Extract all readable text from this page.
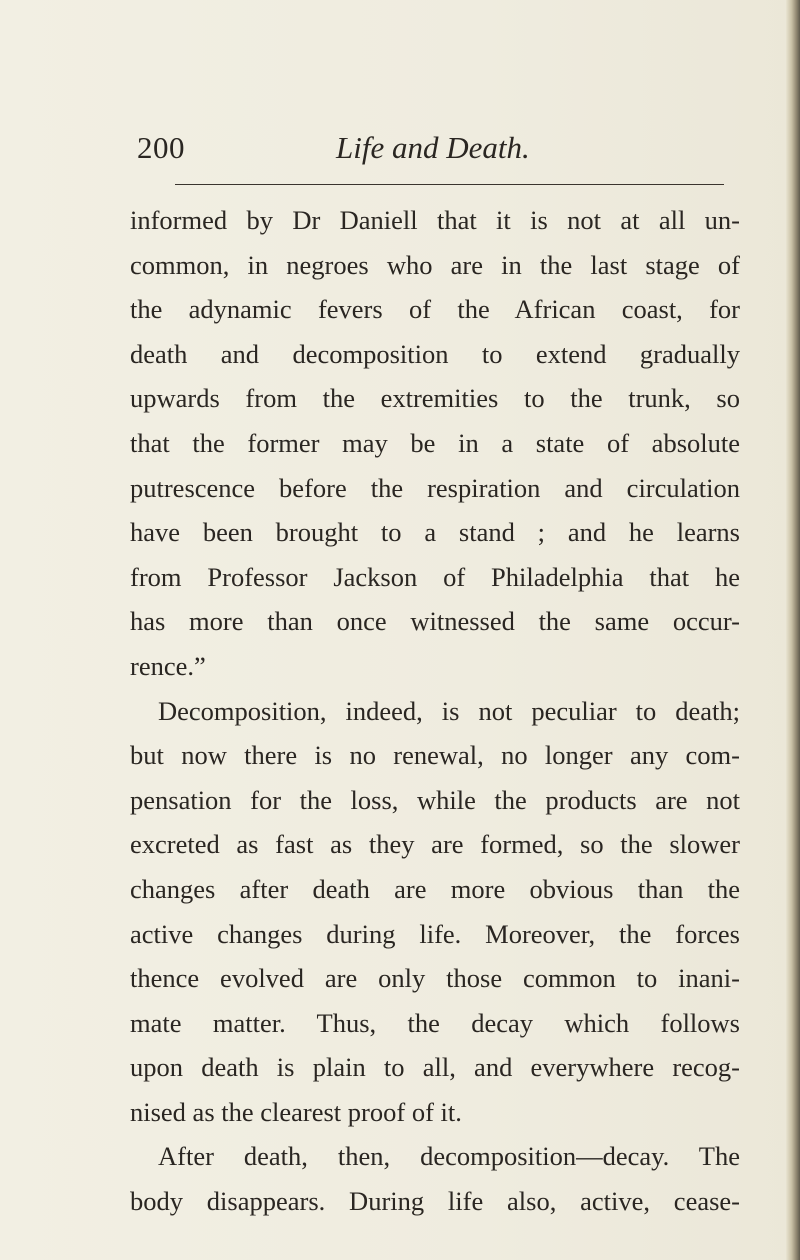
200	Life and Death.
informed by Dr Daniell that it is not at all un-
common, in negroes who are in the last stage of
the adynamic fevers of the African coast, for
death and decomposition to extend gradually
upwards from the extremities to the trunk, so
that the former may be in a state of absolute
putrescence before the respiration and circulation
have been brought to a stand ; and he learns
from Professor Jackson of Philadelphia that he
has more than once witnessed the same occur-
rence.”
Decomposition, indeed, is not peculiar to death;
but now there is no renewal, no longer any com-
pensation for the loss, while the products are not
excreted as fast as they are formed, so the slower
changes after death are more obvious than the
active changes during life. Moreover, the forces
thence evolved are only those common to inani-
mate matter. Thus, the decay which follows
upon death is plain to all, and everywhere recog-
nised as the clearest proof of it.
After death, then, decomposition—decay. The
body disappears. During life also, active, cease-
